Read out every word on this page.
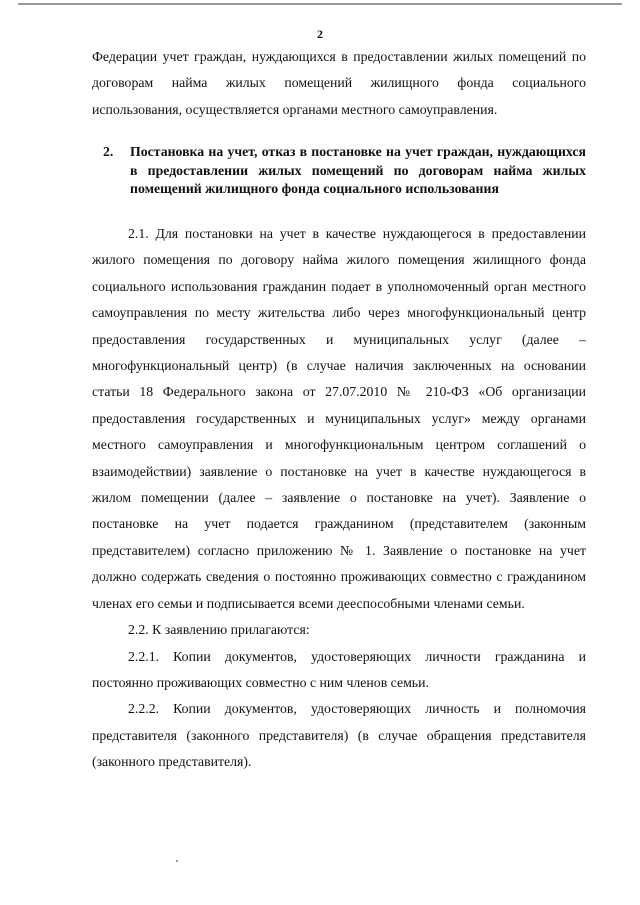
2

Федерации учет граждан, нуждающихся в предоставлении жилых помещений по договорам найма жилых помещений жилищного фонда социального использования, осуществляется органами местного самоуправления.

2.	Постановка на учет, отказ в постановке на учет граждан, нуждающихся в предоставлении жилых помещений по договорам найма жилых помещений жилищного фонда социального использования

2.1. Для постановки на учет в качестве нуждающегося в предоставлении жилого помещения по договору найма жилого помещения жилищного фонда социального использования гражданин подает в уполномоченный орган местного самоуправления по месту жительства либо через многофункциональный центр предоставления государственных и муниципальных услуг (далее – многофункциональный центр) (в случае наличия заключенных на основании статьи 18 Федерального закона от 27.07.2010 № 210-ФЗ «Об организации предоставления государственных и муниципальных услуг» между органами местного самоуправления и многофункциональным центром соглашений о взаимодействии) заявление о постановке на учет в качестве нуждающегося в жилом помещении (далее – заявление о постановке на учет). Заявление о постановке на учет подается гражданином (представителем (законным представителем) согласно приложению № 1. Заявление о постановке на учет должно содержать сведения о постоянно проживающих совместно с гражданином членах его семьи и подписывается всеми дееспособными членами семьи.

2.2. К заявлению прилагаются:

2.2.1. Копии документов, удостоверяющих личности гражданина и постоянно проживающих совместно с ним членов семьи.

2.2.2. Копии документов, удостоверяющих личность и полномочия представителя (законного представителя) (в случае обращения представителя (законного представителя).
